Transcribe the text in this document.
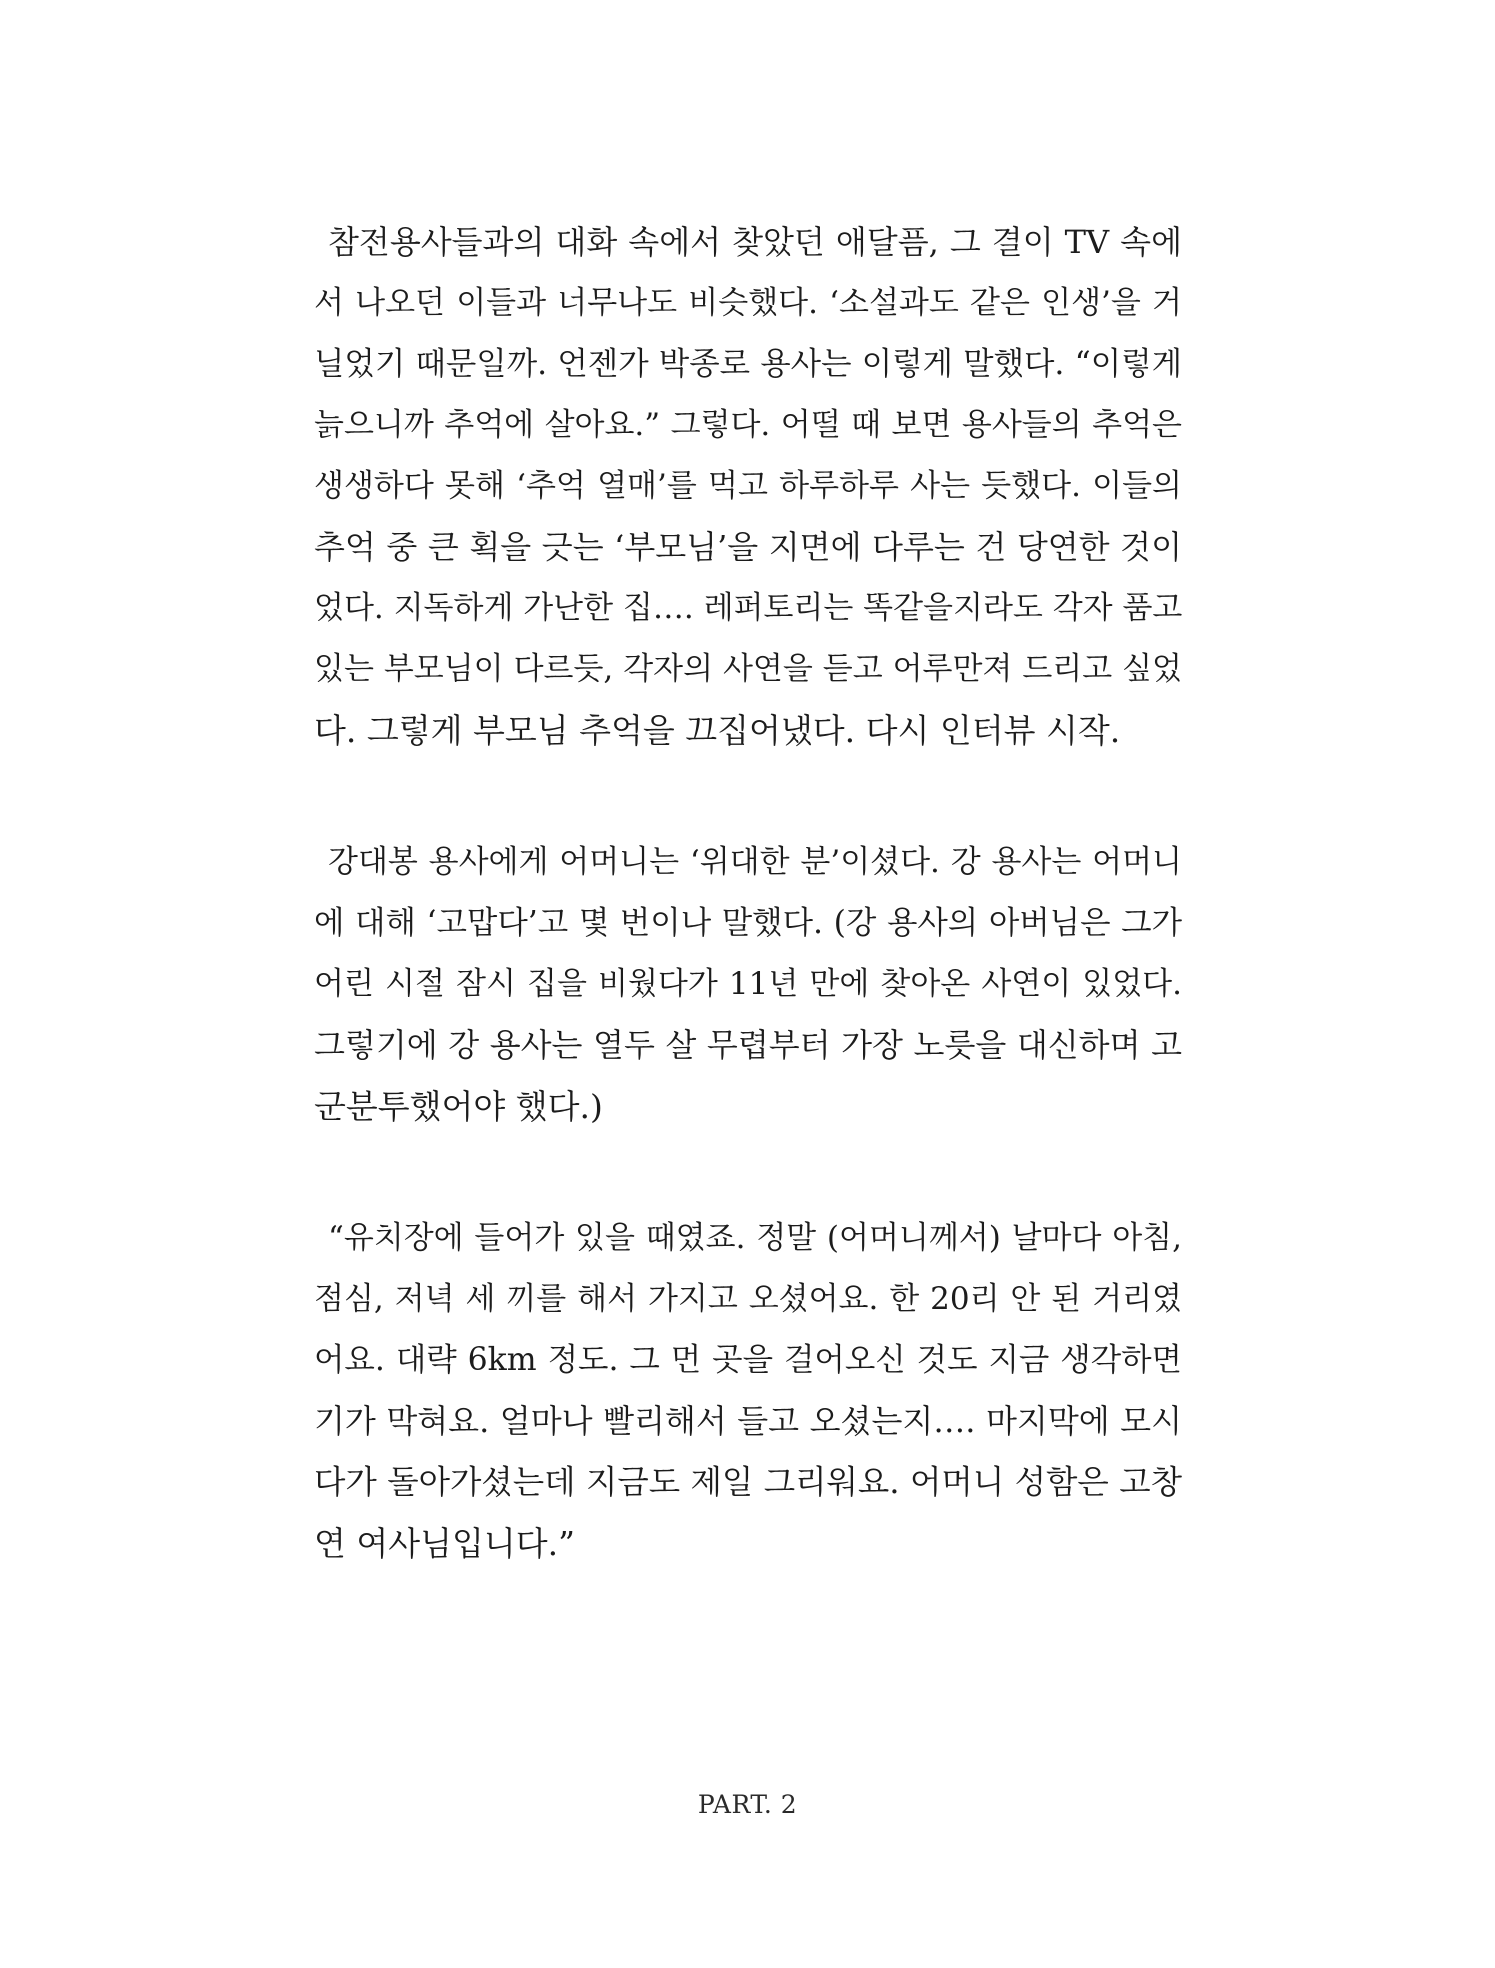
참전용사들과의 대화 속에서 찾았던 애달픔, 그 결이 TV 속에
서 나오던 이들과 너무나도 비슷했다. ‘소설과도 같은 인생’을 거
닐었기 때문일까. 언젠가 박종로 용사는 이렇게 말했다. “이렇게
늙으니까 추억에 살아요.” 그렇다. 어떨 때 보면 용사들의 추억은
생생하다 못해 ‘추억 열매’를 먹고 하루하루 사는 듯했다. 이들의
추억 중 큰 획을 긋는 ‘부모님’을 지면에 다루는 건 당연한 것이
었다. 지독하게 가난한 집…. 레퍼토리는 똑같을지라도 각자 품고
있는 부모님이 다르듯, 각자의 사연을 듣고 어루만져 드리고 싶었
다. 그렇게 부모님 추억을 끄집어냈다. 다시 인터뷰 시작.
강대봉 용사에게 어머니는 ‘위대한 분’이셨다. 강 용사는 어머니
에 대해 ‘고맙다’고 몇 번이나 말했다. (강 용사의 아버님은 그가
어린 시절 잠시 집을 비웠다가 11년 만에 찾아온 사연이 있었다.
그렇기에 강 용사는 열두 살 무렵부터 가장 노릇을 대신하며 고
군분투했어야 했다.)
“유치장에 들어가 있을 때였죠. 정말 (어머니께서) 날마다 아침,
점심, 저녁 세 끼를 해서 가지고 오셨어요. 한 20리 안 된 거리였
어요. 대략 6km 정도. 그 먼 곳을 걸어오신 것도 지금 생각하면
기가 막혀요. 얼마나 빨리해서 들고 오셨는지…. 마지막에 모시
다가 돌아가셨는데 지금도 제일 그리워요. 어머니 성함은 고창
연 여사님입니다.”
PART. 2
